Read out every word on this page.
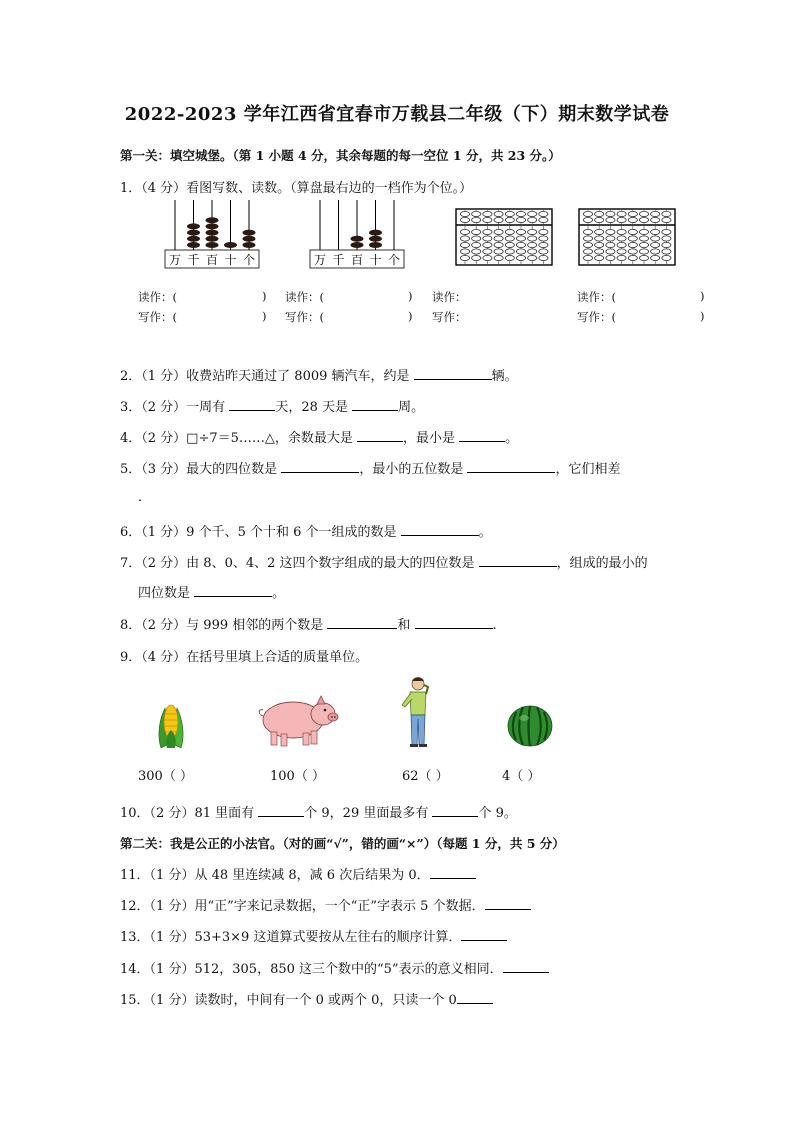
2022-2023 学年江西省宜春市万载县二年级（下）期末数学试卷
第一关：填空城堡。（第 1 小题 4 分，其余每题的每一空位 1 分，共 23 分。）
1．（4 分）看图写数、读数。（算盘最右边的一档作为个位。）
万 千 百 十 个	万 千 百 十 个
读作：(	)
写作：(	)
读作：(	)
写作：(	)
读作：
写作：
读作：(	)
写作：(	)
2．（1 分）收费站昨天通过了 8009 辆汽车，约是	辆。
3．（2 分）一周有	天，28 天是	周。
4．（2 分）□÷7＝5……△，余数最大是	，最小是	。
5．（3 分）最大的四位数是	，最小的五位数是	，它们相差
．
6．（1 分）9 个千、5 个十和 6 个一组成的数是	。
7．（2 分）由 8、0、4、2 这四个数字组成的最大的四位数是	，组成的最小的
四位数是	。
8．（2 分）与 999 相邻的两个数是	和	.
9．（4 分）在括号里填上合适的质量单位。
300（ ）	100（ ）	62（ ）	4（ ）
10．（2 分）81 里面有	个 9，29 里面最多有	个 9。
第二关：我是公正的小法官。（对的画“√”，错的画“×”）（每题 1 分，共 5 分）
11．（1 分）从 48 里连续减 8，减 6 次后结果为 0．
12．（1 分）用“正”字来记录数据，一个“正”字表示 5 个数据．
13．（1 分）53+3×9 这道算式要按从左往右的顺序计算．
14．（1 分）512，305，850 这三个数中的“5”表示的意义相同．
15．（1 分）读数时，中间有一个 0 或两个 0，只读一个 0
